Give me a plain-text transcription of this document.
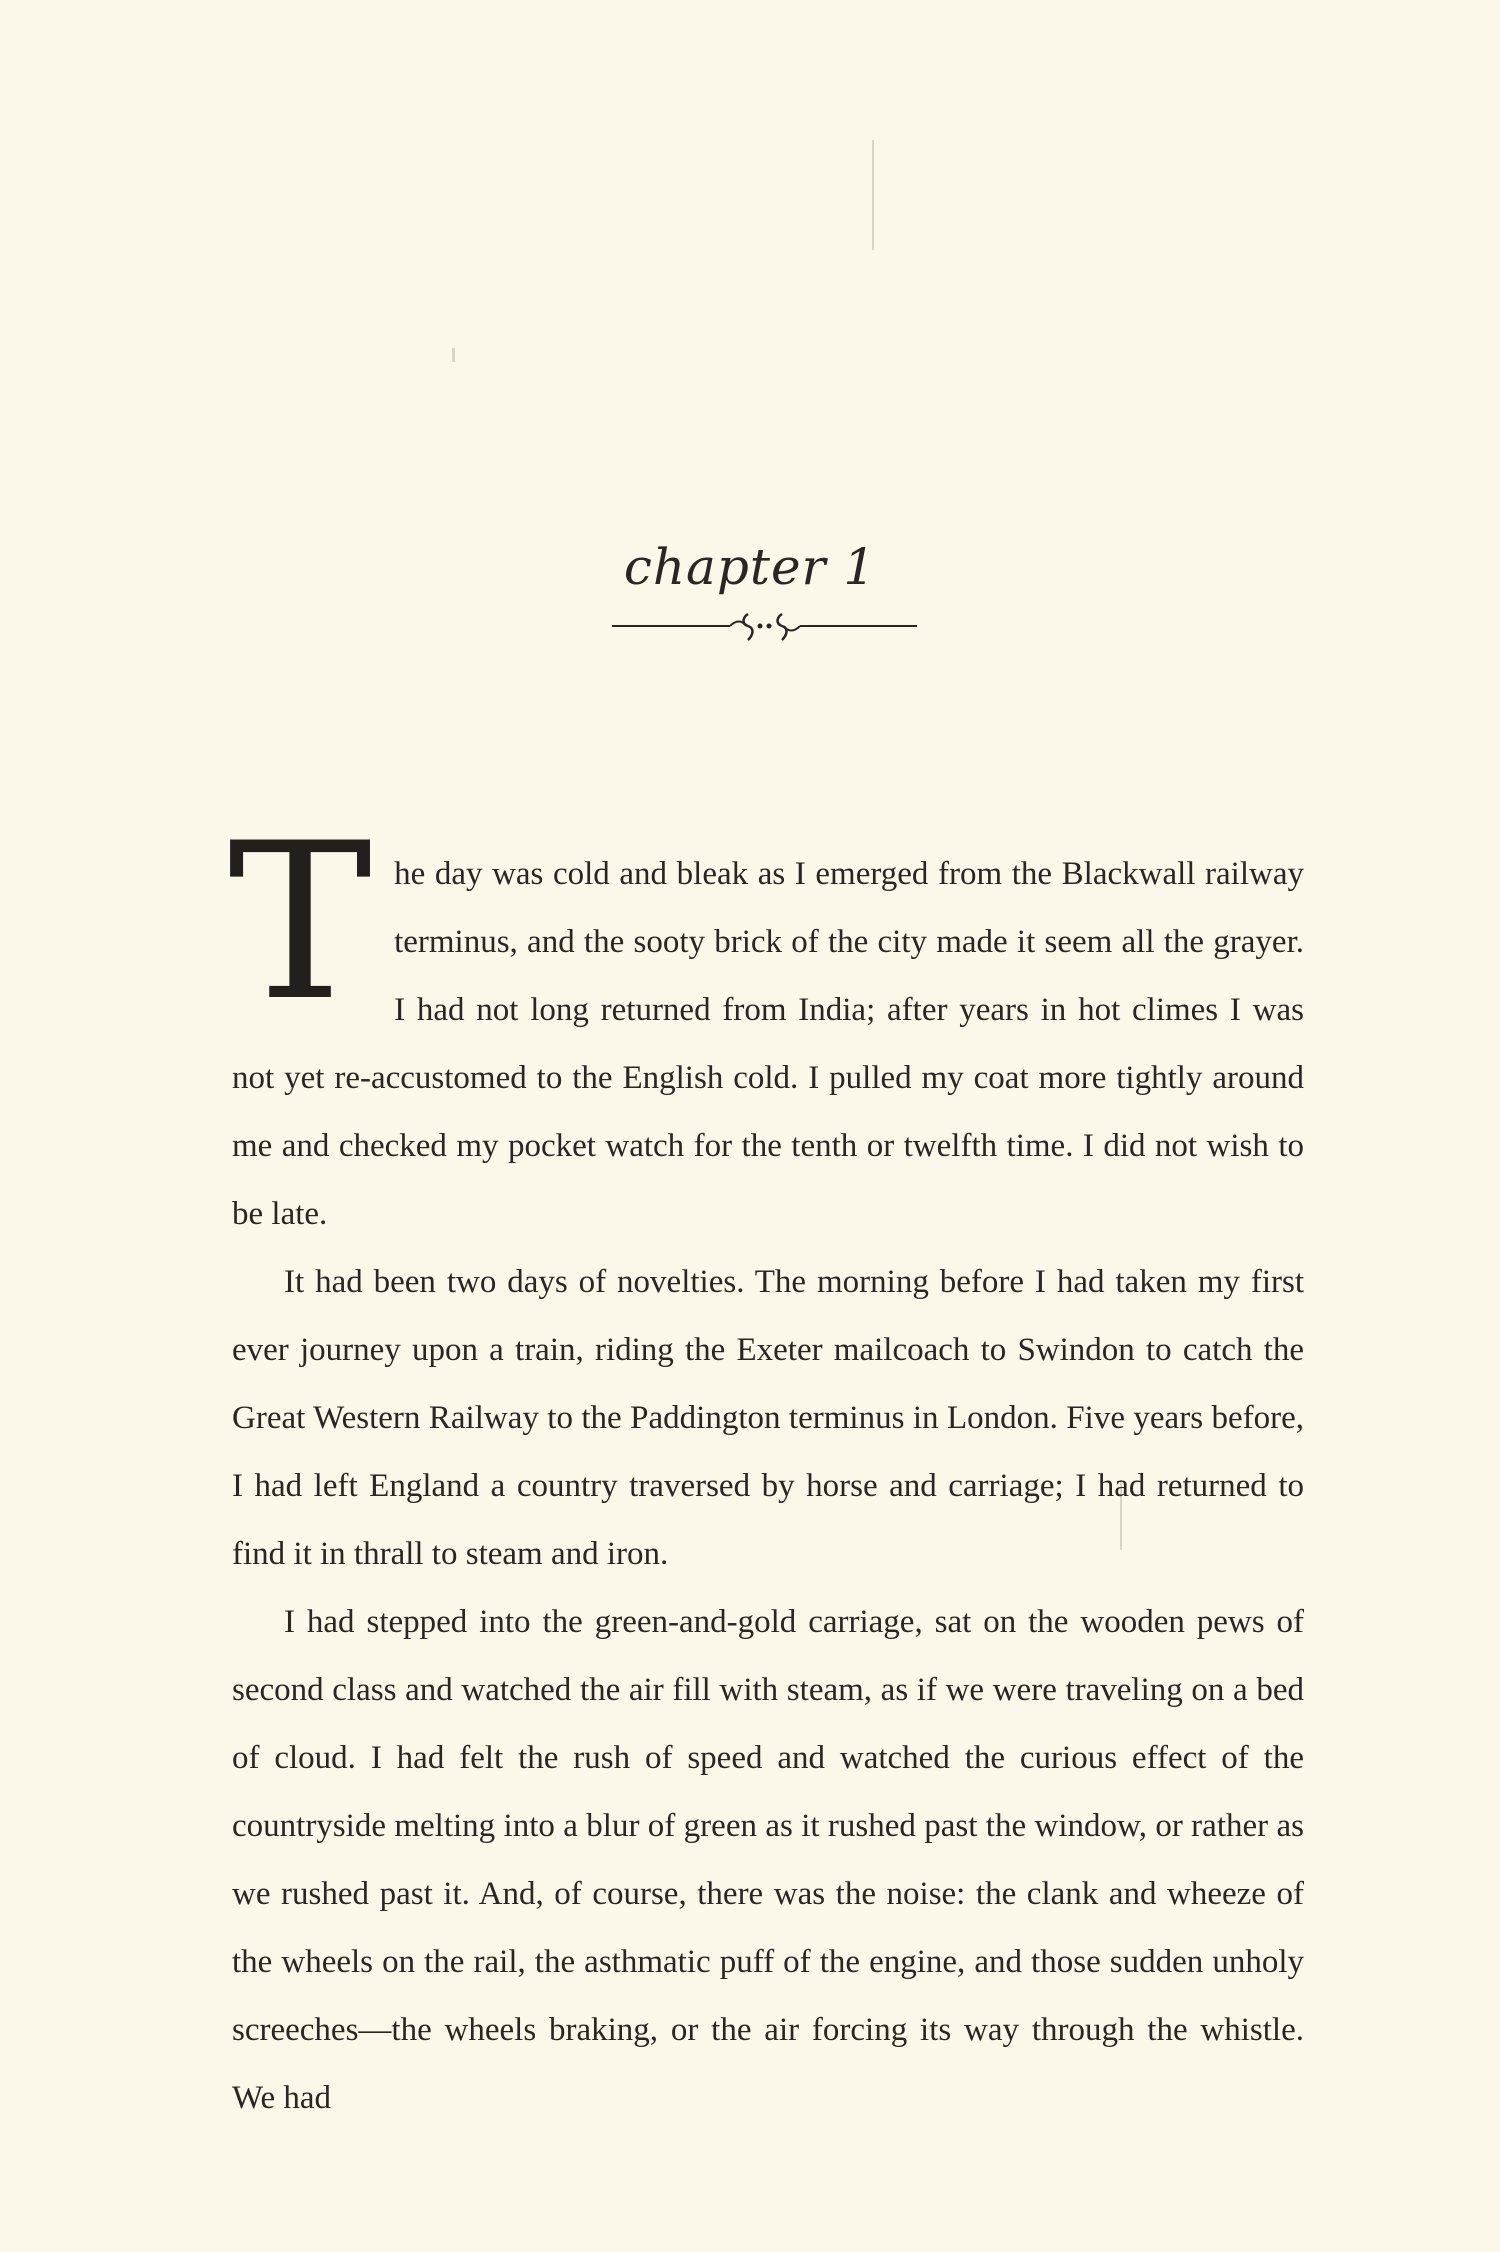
chapter 1

The day was cold and bleak as I emerged from the Blackwall railway terminus, and the sooty brick of the city made it seem all the grayer. I had not long returned from India; after years in hot climes I was not yet re-accustomed to the English cold. I pulled my coat more tightly around me and checked my pocket watch for the tenth or twelfth time. I did not wish to be late.

It had been two days of novelties. The morning before I had taken my first ever journey upon a train, riding the Exeter mailcoach to Swindon to catch the Great Western Railway to the Paddington terminus in London. Five years before, I had left England a country traversed by horse and carriage; I had returned to find it in thrall to steam and iron.

I had stepped into the green-and-gold carriage, sat on the wooden pews of second class and watched the air fill with steam, as if we were traveling on a bed of cloud. I had felt the rush of speed and watched the curious effect of the countryside melting into a blur of green as it rushed past the window, or rather as we rushed past it. And, of course, there was the noise: the clank and wheeze of the wheels on the rail, the asthmatic puff of the engine, and those sudden unholy screeches—the wheels braking, or the air forcing its way through the whistle. We had
